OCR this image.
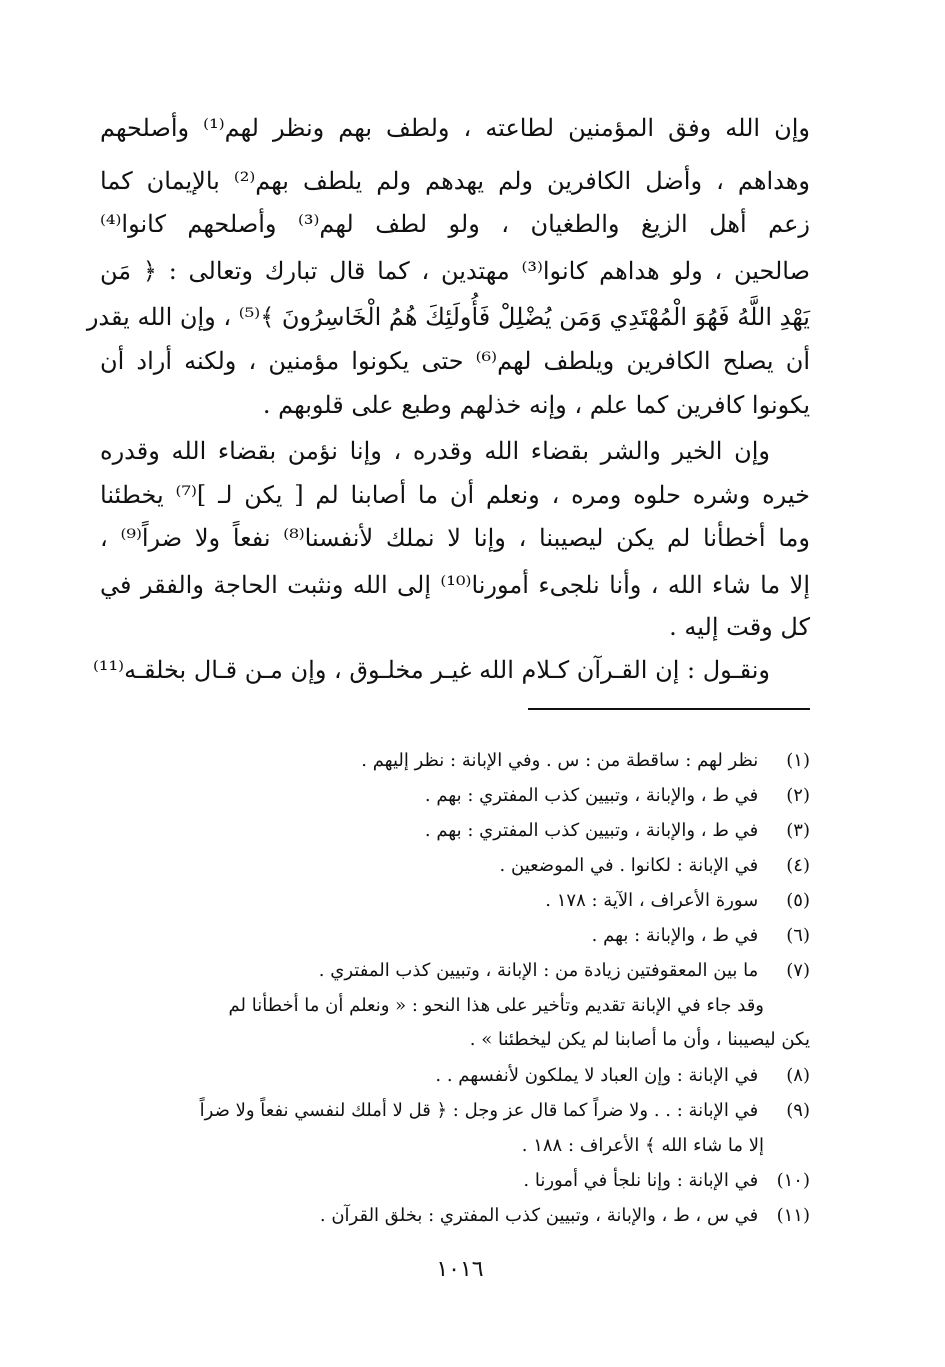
وإن الله وفق المؤمنين لطاعته ، ولطف بهم ونظر لهم⁽¹⁾ وأصلحهم
وهداهم ، وأضل الكافرين ولم يهدهم ولم يلطف بهم⁽²⁾ بالإيمان كما
زعم أهل الزيغ والطغيان ، ولو لطف لهم⁽³⁾ وأصلحهم كانوا⁽⁴⁾
صالحين ، ولو هداهم كانوا⁽³⁾ مهتدين ، كما قال تبارك وتعالى : ﴿ مَن
يَهْدِ اللَّهُ فَهُوَ الْمُهْتَدِي وَمَن يُضْلِلْ فَأُولَئِكَ هُمُ الْخَاسِرُونَ ﴾⁽⁵⁾ ، وإن الله يقدر
أن يصلح الكافرين ويلطف لهم⁽⁶⁾ حتى يكونوا مؤمنين ، ولكنه أراد أن
يكونوا كافرين كما علم ، وإنه خذلهم وطبع على قلوبهم .
وإن الخير والشر بقضاء الله وقدره ، وإنا نؤمن بقضاء الله وقدره
خيره وشره حلوه ومره ، ونعلم أن ما أصابنا لم [ يكن لـ ]⁽⁷⁾ يخطئنا
وما أخطأنا لم يكن ليصيبنا ، وإنا لا نملك لأنفسنا⁽⁸⁾ نفعاً ولا ضراً⁽⁹⁾ ،
إلا ما شاء الله ، وأنا نلجىء أمورنا⁽¹⁰⁾ إلى الله ونثبت الحاجة والفقر في
كل وقت إليه .
ونقـول : إن القـرآن كـلام الله غيـر مخلـوق ، وإن مـن قـال بخلقـه⁽¹¹⁾
(١) نظر لهم : ساقطة من : س . وفي الإبانة : نظر إليهم .
(٢) في ط ، والإبانة ، وتبيين كذب المفتري : بهم .
(٣) في ط ، والإبانة ، وتبيين كذب المفتري : بهم .
(٤) في الإبانة : لكانوا . في الموضعين .
(٥) سورة الأعراف ، الآية : ١٧٨ .
(٦) في ط ، والإبانة : بهم .
(٧) ما بين المعقوفتين زيادة من : الإبانة ، وتبيين كذب المفتري .
وقد جاء في الإبانة تقديم وتأخير على هذا النحو : « ونعلم أن ما أخطأنا لم
يكن ليصيبنا ، وأن ما أصابنا لم يكن ليخطئنا » .
(٨) في الإبانة : وإن العباد لا يملكون لأنفسهم . .
(٩) في الإبانة : . . ولا ضراً كما قال عز وجل : ﴿ قل لا أملك لنفسي نفعاً ولا ضراً
إلا ما شاء الله ﴾ الأعراف : ١٨٨ .
(١٠) في الإبانة : وإنا نلجأ في أمورنا .
(١١) في س ، ط ، والإبانة ، وتبيين كذب المفتري : بخلق القرآن .
١٠١٦
